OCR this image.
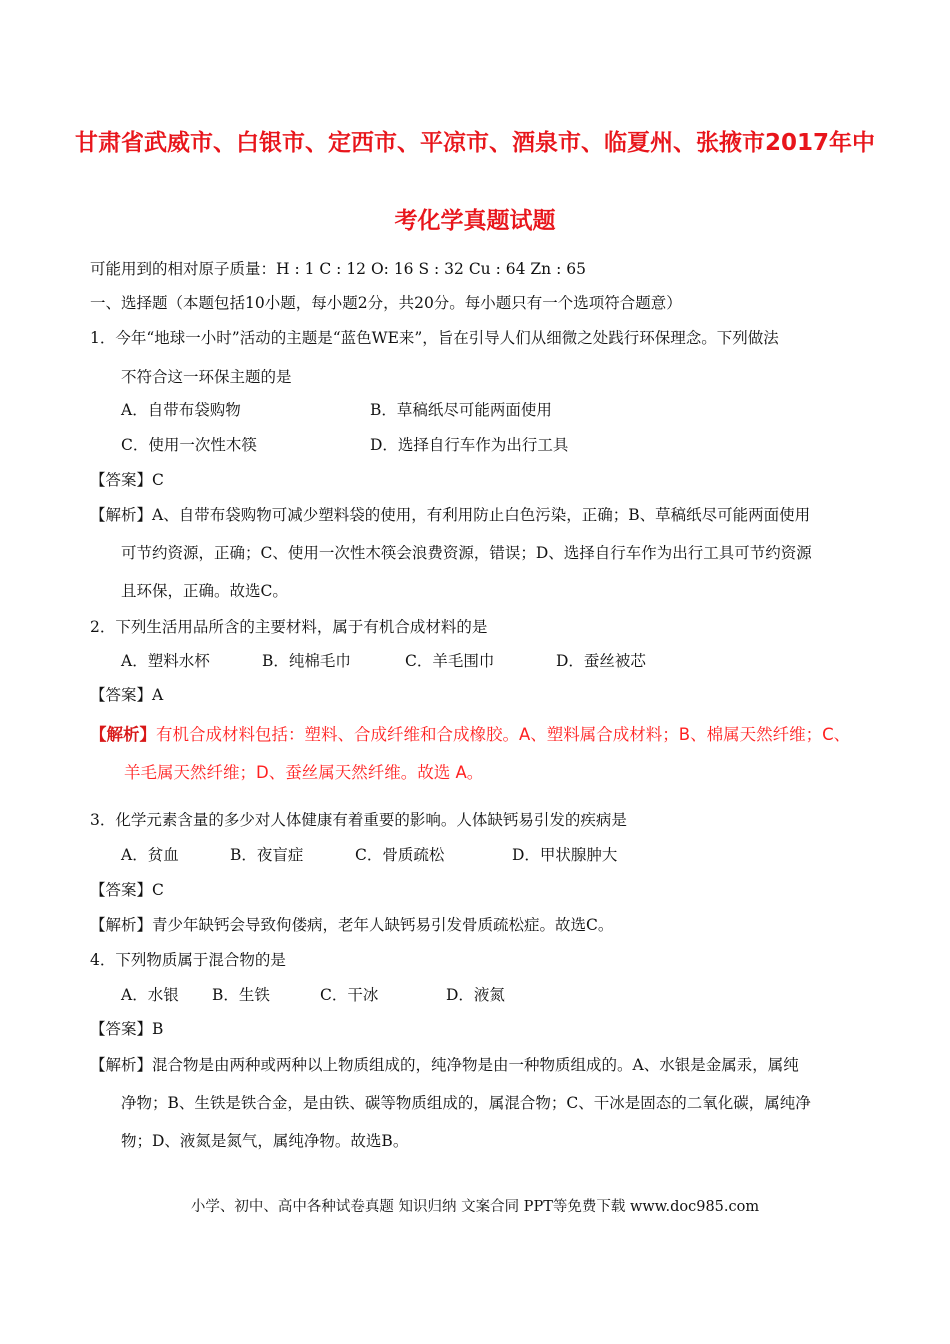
甘肃省武威市、白银市、定西市、平凉市、酒泉市、临夏州、张掖市2017年中
考化学真题试题
可能用到的相对原子质量：H : 1 C : 12 O: 16 S : 32 Cu : 64 Zn : 65
一、选择题（本题包括10小题，每小题2分，共20分。每小题只有一个选项符合题意）
1．今年“地球一小时”活动的主题是“蓝色WE来”，旨在引导人们从细微之处践行环保理念。下列做法
不符合这一环保主题的是
A．自带布袋购物	B．草稿纸尽可能两面使用
C．使用一次性木筷	D．选择自行车作为出行工具
【答案】C
【解析】A、自带布袋购物可减少塑料袋的使用，有利用防止白色污染，正确；B、草稿纸尽可能两面使用
可节约资源，正确；C、使用一次性木筷会浪费资源，错误；D、选择自行车作为出行工具可节约资源
且环保，正确。故选C。
2．下列生活用品所含的主要材料，属于有机合成材料的是
A．塑料水杯	B．纯棉毛巾	C．羊毛围巾	D．蚕丝被芯
【答案】A
【解析】有机合成材料包括：塑料、合成纤维和合成橡胶。A、塑料属合成材料；B、棉属天然纤维；C、
羊毛属天然纤维；D、蚕丝属天然纤维。故选 A。
3．化学元素含量的多少对人体健康有着重要的影响。人体缺钙易引发的疾病是
A．贫血	B．夜盲症	C．骨质疏松	D．甲状腺肿大
【答案】C
【解析】青少年缺钙会导致佝偻病，老年人缺钙易引发骨质疏松症。故选C。
4．下列物质属于混合物的是
A．水银 B．生铁	C．干冰	D．液氮
【答案】B
【解析】混合物是由两种或两种以上物质组成的，纯净物是由一种物质组成的。A、水银是金属汞，属纯
净物；B、生铁是铁合金，是由铁、碳等物质组成的，属混合物；C、干冰是固态的二氧化碳，属纯净
物；D、液氮是氮气，属纯净物。故选B。
小学、初中、高中各种试卷真题 知识归纳 文案合同 PPT等免费下载 www.doc985.com
